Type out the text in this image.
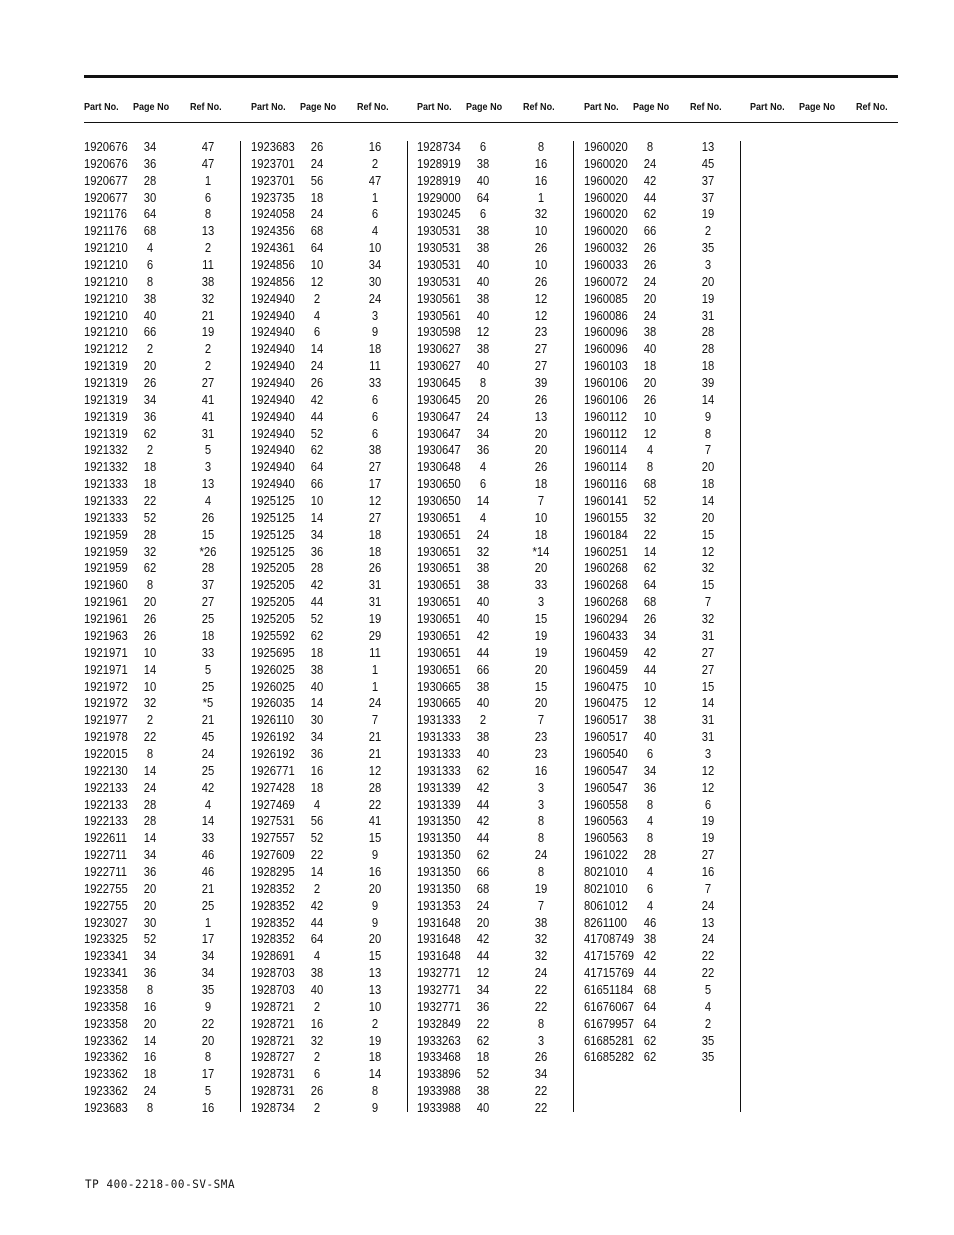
Part No. Page No Ref No.	Part No. Page No Ref No.	Part No. Page No Ref No.	Part No. Page No Ref No.	Part No. Page No Ref No.
1920676 34	47
1920676 36	47
1920677 28	1
1920677 30	6
1921176 64	8
1921176 68	13
1921210	4	2
1921210	6	11
1921210	8	38
1921210 38	32
1921210 40	21
1921210 66	19
1921212	2	2
1921319 20	2
1921319 26	27
1921319 34	41
1921319 36	41
1921319 62	31
1921332	2	5
1921332 18	3
1921333 18	13
1921333 22	4
1921333 52	26
1921959 28	15
1921959 32	*26
1921959 62	28
1921960	8	37
1921961 20	27
1921961 26	25
1921963 26	18
1921971 10	33
1921971 14	5
1921972 10	25
1921972 32	*5
1921977	2	21
1921978 22	45
1922015	8	24
1922130 14	25
1922133 24	42
1922133 28	4
1922133 28	14
1922611 14	33
1922711 34	46
1922711 36	46
1922755 20	21
1922755 20	25
1923027 30	1
1923325 52	17
1923341 34	34
1923341 36	34
1923358	8	35
1923358 16	9
1923358 20	22
1923362 14	20
1923362 16	8
1923362 18	17
1923362 24	5
1923683	8	16
1923683 26	16
1923701 24	2
1923701 56	47
1923735 18	1
1924058 24	6
1924356 68	4
1924361 64	10
1924856 10	34
1924856 12	30
1924940	2	24
1924940	4	3
1924940	6	9
1924940 14	18
1924940 24	11
1924940 26	33
1924940 42	6
1924940 44	6
1924940 52	6
1924940 62	38
1924940 64	27
1924940 66	17
1925125 10	12
1925125 14	27
1925125 34	18
1925125 36	18
1925205 28	26
1925205 42	31
1925205 44	31
1925205 52	19
1925592 62	29
1925695 18	11
1926025 38	1
1926025 40	1
1926035 14	24
1926110 30	7
1926192 34	21
1926192 36	21
1926771 16	12
1927428 18	28
1927469	4	22
1927531 56	41
1927557 52	15
1927609 22	9
1928295 14	16
1928352	2	20
1928352 42	9
1928352 44	9
1928352 64	20
1928691	4	15
1928703 38	13
1928703 40	13
1928721	2	10
1928721 16	2
1928721 32	19
1928727	2	18
1928731	6	14
1928731 26	8
1928734	2	9
1928734	6	8
1928919 38	16
1928919 40	16
1929000 64	1
1930245	6	32
1930531 38	10
1930531 38	26
1930531 40	10
1930531 40	26
1930561 38	12
1930561 40	12
1930598 12	23
1930627 38	27
1930627 40	27
1930645	8	39
1930645 20	26
1930647 24	13
1930647 34	20
1930647 36	20
1930648	4	26
1930650	6	18
1930650 14	7
1930651	4	10
1930651 24	18
1930651 32	*14
1930651 38	20
1930651 38	33
1930651 40	3
1930651 40	15
1930651 42	19
1930651 44	19
1930651 66	20
1930665 38	15
1930665 40	20
1931333	2	7
1931333 38	23
1931333 40	23
1931333 62	16
1931339 42	3
1931339 44	3
1931350 42	8
1931350 44	8
1931350 62	24
1931350 66	8
1931350 68	19
1931353 24	7
1931648 20	38
1931648 42	32
1931648 44	32
1932771 12	24
1932771 34	22
1932771 36	22
1932849 22	8
1933263 62	3
1933468 18	26
1933896 52	34
1933988 38	22
1933988 40	22
1960020	8	13
1960020 24	45
1960020 42	37
1960020 44	37
1960020 62	19
1960020 66	2
1960032 26	35
1960033 26	3
1960072 24	20
1960085 20	19
1960086 24	31
1960096 38	28
1960096 40	28
1960103 18	18
1960106 20	39
1960106 26	14
1960112 10	9
1960112 12	8
1960114	4	7
1960114	8	20
1960116 68	18
1960141 52	14
1960155 32	20
1960184 22	15
1960251 14	12
1960268 62	32
1960268 64	15
1960268 68	7
1960294 26	32
1960433 34	31
1960459 42	27
1960459 44	27
1960475 10	15
1960475 12	14
1960517 38	31
1960517 40	31
1960540	6	3
1960547 34	12
1960547 36	12
1960558	8	6
1960563	4	19
1960563	8	19
1961022 28	27
8021010	4	16
8021010	6	7
8061012	4	24
8261100 46	13
41708749 38	24
41715769 42	22
41715769 44	22
61651184 68	5
61676067 64	4
61679957 64	2
61685281 62	35
61685282 62	35
TP 400-2218-00-SV-SMA
